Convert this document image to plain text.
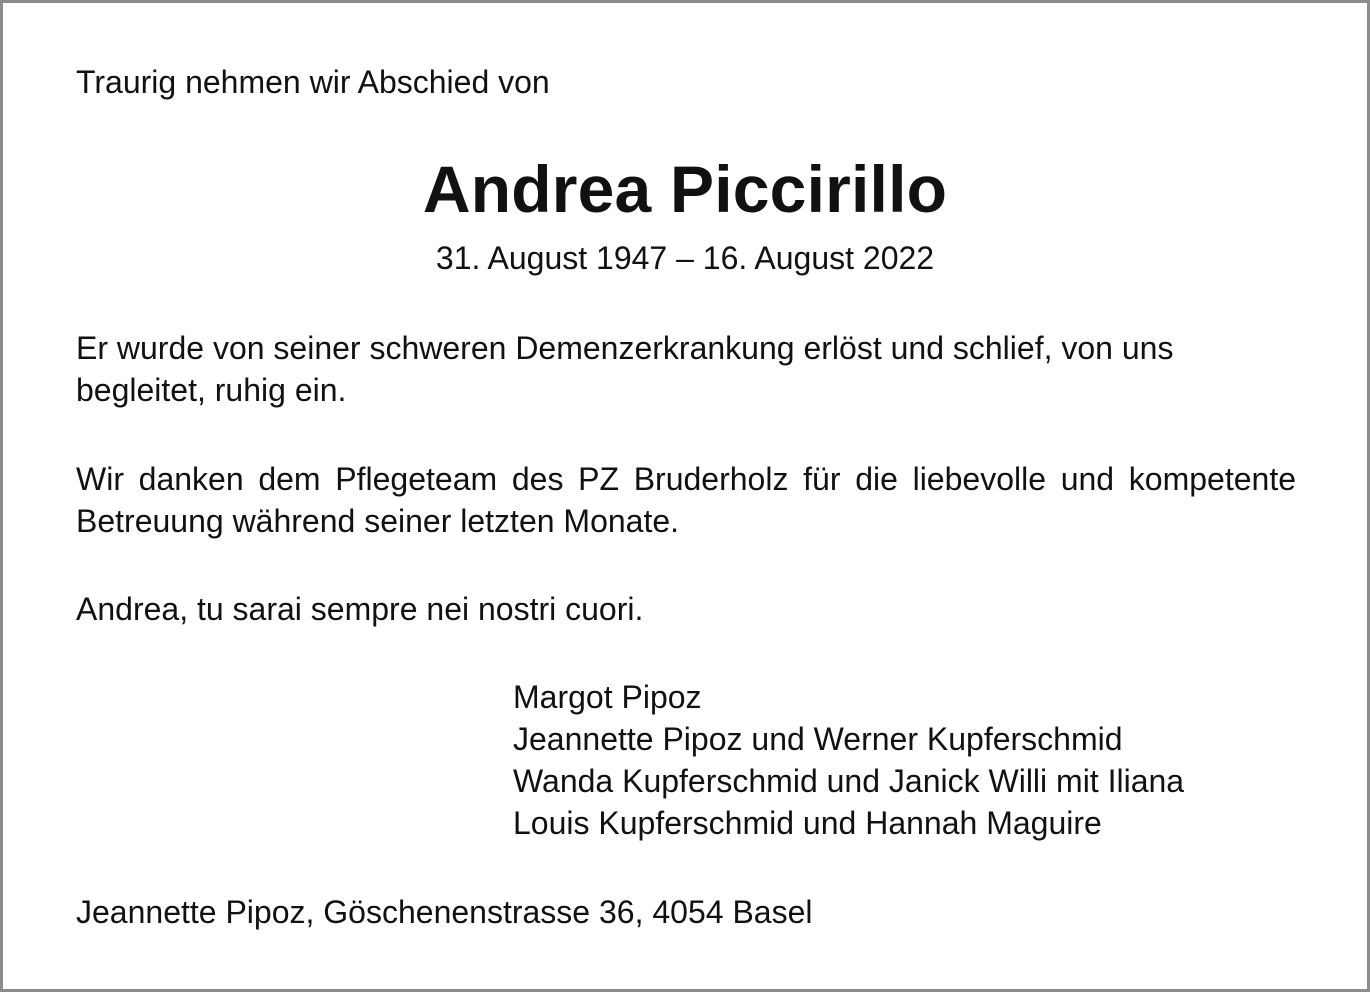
Traurig nehmen wir Abschied von
Andrea Piccirillo
31. August 1947 – 16. August 2022
Er wurde von seiner schweren Demenzerkrankung erlöst und schlief, von uns begleitet, ruhig ein.
Wir danken dem Pflegeteam des PZ Bruderholz für die liebevolle und kompetente Betreuung während seiner letzten Monate.
Andrea, tu sarai sempre nei nostri cuori.
Margot Pipoz
Jeannette Pipoz und Werner Kupferschmid
Wanda Kupferschmid und Janick Willi mit Iliana
Louis Kupferschmid und Hannah Maguire
Jeannette Pipoz, Göschenenstrasse 36, 4054 Basel
